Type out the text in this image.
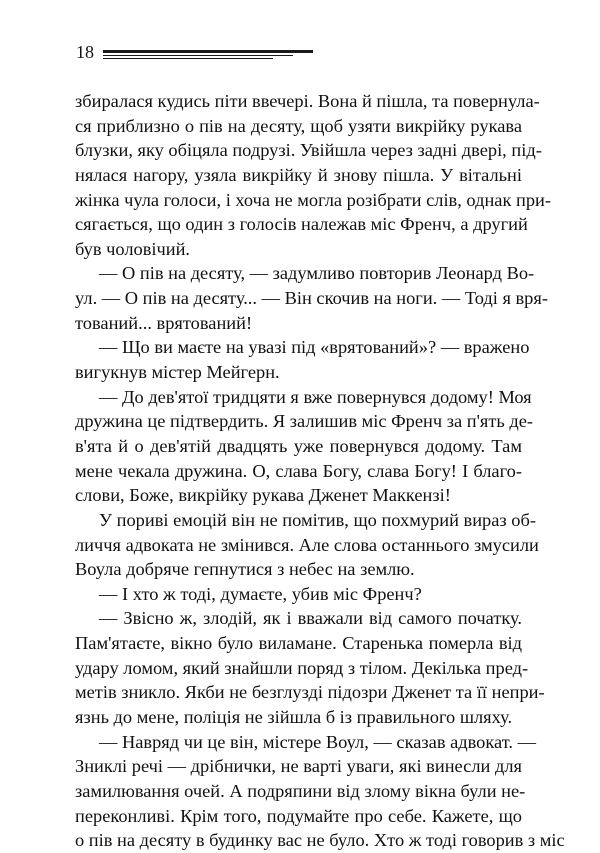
18
збиралася кудись піти ввечері. Вона й пішла, та повернула-
ся приблизно о пів на десяту, щоб узяти викрійку рукава
блузки, яку обіцяла подрузі. Увійшла через задні двері, під-
нялася нагору, узяла викрійку й знову пішла. У вітальні
жінка чула голоси, і хоча не могла розібрати слів, однак при-
сягається, що один з голосів належав міс Френч, а другий
був чоловічий.
— О пів на десяту, — задумливо повторив Леонард Во-
ул. — О пів на десяту... — Він скочив на ноги. — Тоді я вря-
тований... врятований!
— Що ви маєте на увазі під «врятований»? — вражено
вигукнув містер Мейгерн.
— До дев'ятої тридцяти я вже повернувся додому! Моя
дружина це підтвердить. Я залишив міс Френч за п'ять де-
в'ята й о дев'ятій двадцять уже повернувся додому. Там
мене чекала дружина. О, слава Богу, слава Богу! І благо-
слови, Боже, викрійку рукава Дженет Маккензі!
У пориві емоцій він не помітив, що похмурий вираз об-
личчя адвоката не змінився. Але слова останнього змусили
Воула добряче гепнутися з небес на землю.
— І хто ж тоді, думаєте, убив міс Френч?
— Звісно ж, злодій, як і вважали від самого початку.
Пам'ятаєте, вікно було виламане. Старенька померла від
удару ломом, який знайшли поряд з тілом. Декілька пред-
метів зникло. Якби не безглузді підозри Дженет та її непри-
язнь до мене, поліція не зійшла б із правильного шляху.
— Навряд чи це він, містере Воул, — сказав адвокат. —
Зниклі речі — дрібнички, не варті уваги, які винесли для
замилювання очей. А подряпини від злому вікна були не-
переконливі. Крім того, подумайте про себе. Кажете, що
о пів на десяту в будинку вас не було. Хто ж тоді говорив з міс
